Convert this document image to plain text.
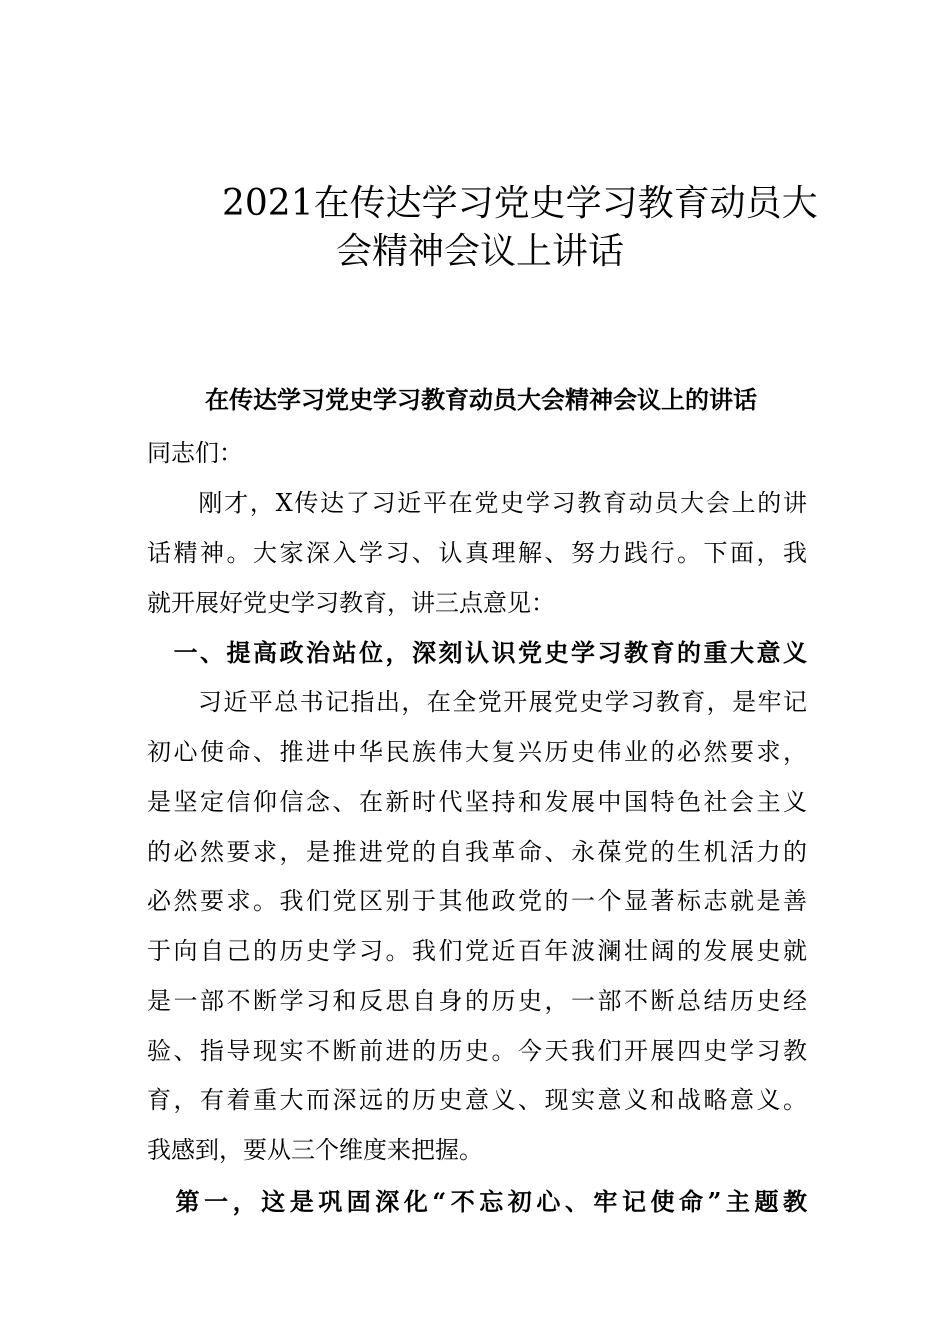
2021在传达学习党史学习教育动员大
会精神会议上讲话
在传达学习党史学习教育动员大会精神会议上的讲话
同志们：
　　刚才，X传达了习近平在党史学习教育动员大会上的讲
话精神。大家深入学习、认真理解、努力践行。下面，我
就开展好党史学习教育，讲三点意见：
　一、提高政治站位，深刻认识党史学习教育的重大意义
　　习近平总书记指出，在全党开展党史学习教育，是牢记
初心使命、推进中华民族伟大复兴历史伟业的必然要求，
是坚定信仰信念、在新时代坚持和发展中国特色社会主义
的必然要求，是推进党的自我革命、永葆党的生机活力的
必然要求。我们党区别于其他政党的一个显著标志就是善
于向自己的历史学习。我们党近百年波澜壮阔的发展史就
是一部不断学习和反思自身的历史，一部不断总结历史经
验、指导现实不断前进的历史。今天我们开展四史学习教
育，有着重大而深远的历史意义、现实意义和战略意义。
我感到，要从三个维度来把握。
　第一，这是巩固深化“不忘初心、牢记使命”主题教
